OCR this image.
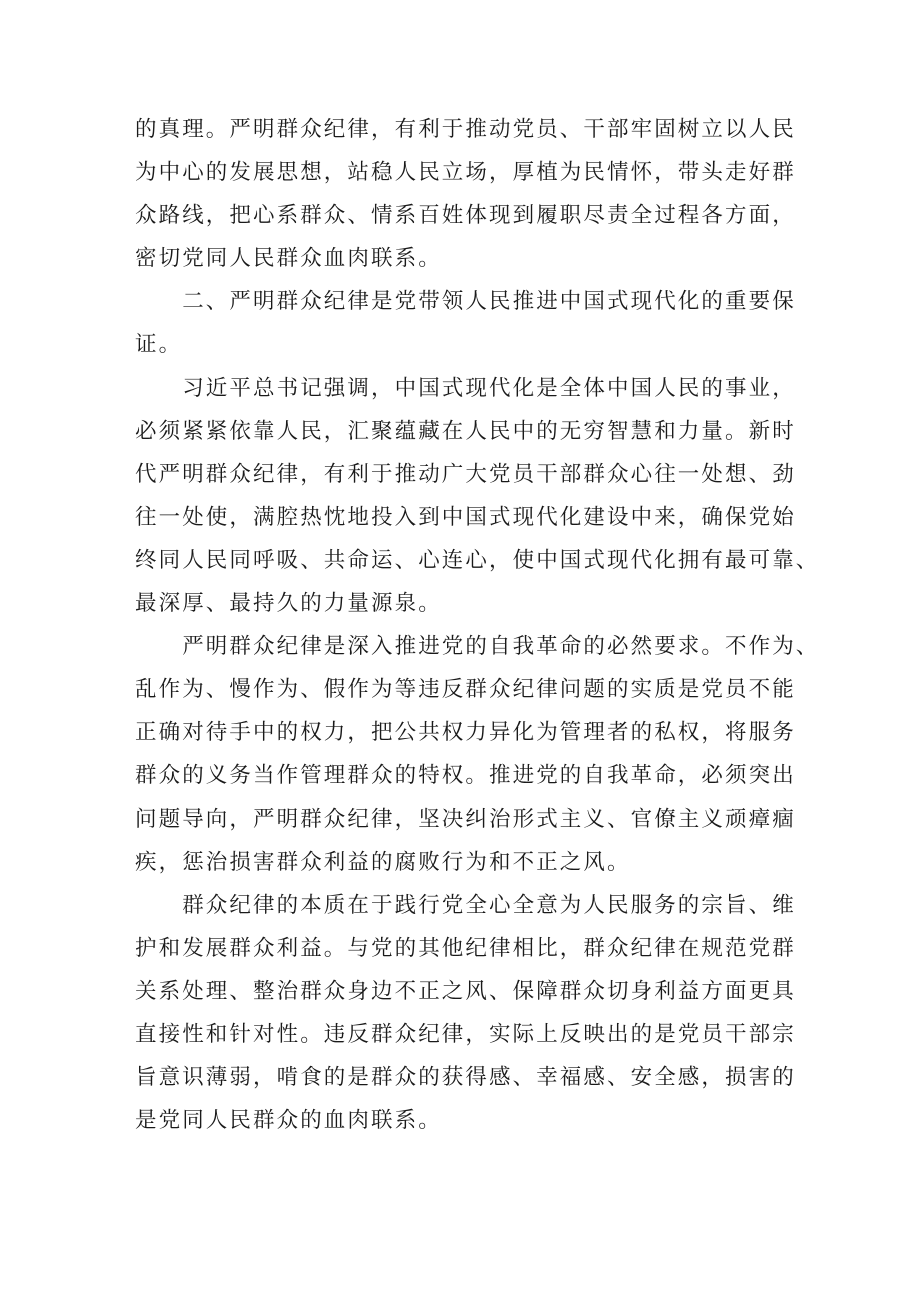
的真理。严明群众纪律，有利于推动党员、干部牢固树立以人民
为中心的发展思想，站稳人民立场，厚植为民情怀，带头走好群
众路线，把心系群众、情系百姓体现到履职尽责全过程各方面，
密切党同人民群众血肉联系。

　　二、严明群众纪律是党带领人民推进中国式现代化的重要保
证。

　　习近平总书记强调，中国式现代化是全体中国人民的事业，
必须紧紧依靠人民，汇聚蕴藏在人民中的无穷智慧和力量。新时
代严明群众纪律，有利于推动广大党员干部群众心往一处想、劲
往一处使，满腔热忱地投入到中国式现代化建设中来，确保党始
终同人民同呼吸、共命运、心连心，使中国式现代化拥有最可靠、
最深厚、最持久的力量源泉。

　　严明群众纪律是深入推进党的自我革命的必然要求。不作为、
乱作为、慢作为、假作为等违反群众纪律问题的实质是党员不能
正确对待手中的权力，把公共权力异化为管理者的私权，将服务
群众的义务当作管理群众的特权。推进党的自我革命，必须突出
问题导向，严明群众纪律，坚决纠治形式主义、官僚主义顽瘴痼
疾，惩治损害群众利益的腐败行为和不正之风。

　　群众纪律的本质在于践行党全心全意为人民服务的宗旨、维
护和发展群众利益。与党的其他纪律相比，群众纪律在规范党群
关系处理、整治群众身边不正之风、保障群众切身利益方面更具
直接性和针对性。违反群众纪律，实际上反映出的是党员干部宗
旨意识薄弱，啃食的是群众的获得感、幸福感、安全感，损害的
是党同人民群众的血肉联系。
